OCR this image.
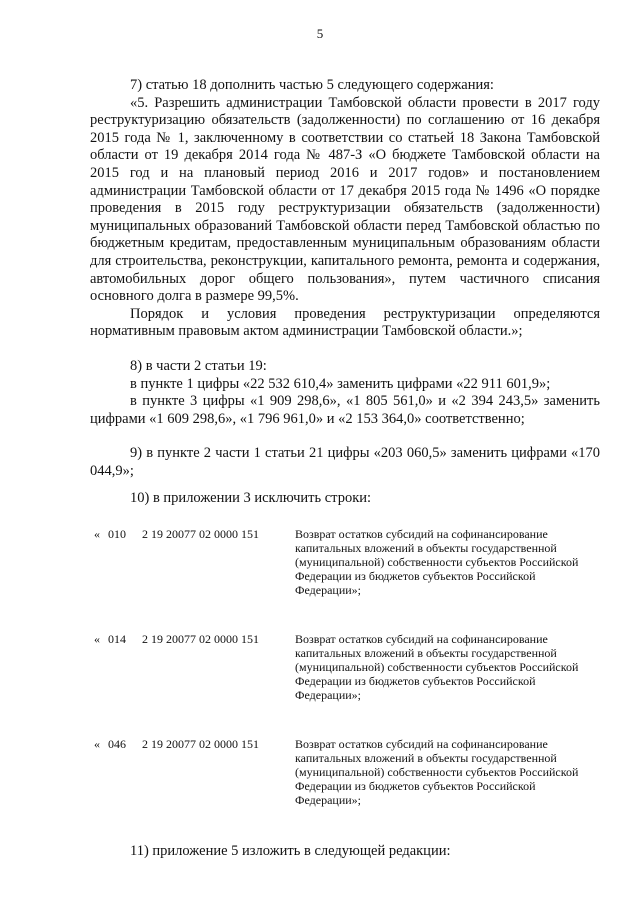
5

7) статью 18 дополнить частью 5 следующего содержания:

«5. Разрешить администрации Тамбовской области провести в 2017 году реструктуризацию обязательств (задолженности) по соглашению от 16 декабря 2015 года № 1, заключенному в соответствии со статьей 18 Закона Тамбовской области от 19 декабря 2014 года № 487-З «О бюджете Тамбовской области на 2015 год и на плановый период 2016 и 2017 годов» и постановлением администрации Тамбовской области от 17 декабря 2015 года № 1496 «О порядке проведения в 2015 году реструктуризации обязательств (задолженности) муниципальных образований Тамбовской области перед Тамбовской областью по бюджетным кредитам, предоставленным муниципальным образованиям области для строительства, реконструкции, капитального ремонта, ремонта и содержания, автомобильных дорог общего пользования», путем частичного списания основного долга в размере 99,5%.

Порядок и условия проведения реструктуризации определяются нормативным правовым актом администрации Тамбовской области.»;

8) в части 2 статьи 19:

в пункте 1 цифры «22 532 610,4» заменить цифрами «22 911 601,9»;

в пункте 3 цифры «1 909 298,6», «1 805 561,0» и «2 394 243,5» заменить цифрами «1 609 298,6», «1 796 961,0» и «2 153 364,0» соответственно;

9) в пункте 2 части 1 статьи 21 цифры «203 060,5» заменить цифрами «170 044,9»;

10) в приложении 3 исключить строки:

«	010	2 19 20077 02 0000 151	Возврат остатков субсидий на софинансирование капитальных вложений в объекты государственной (муниципальной) собственности субъектов Российской Федерации из бюджетов субъектов Российской Федерации»;

«	014	2 19 20077 02 0000 151	Возврат остатков субсидий на софинансирование капитальных вложений в объекты государственной (муниципальной) собственности субъектов Российской Федерации из бюджетов субъектов Российской Федерации»;

«	046	2 19 20077 02 0000 151	Возврат остатков субсидий на софинансирование капитальных вложений в объекты государственной (муниципальной) собственности субъектов Российской Федерации из бюджетов субъектов Российской Федерации»;

11) приложение 5 изложить в следующей редакции:
